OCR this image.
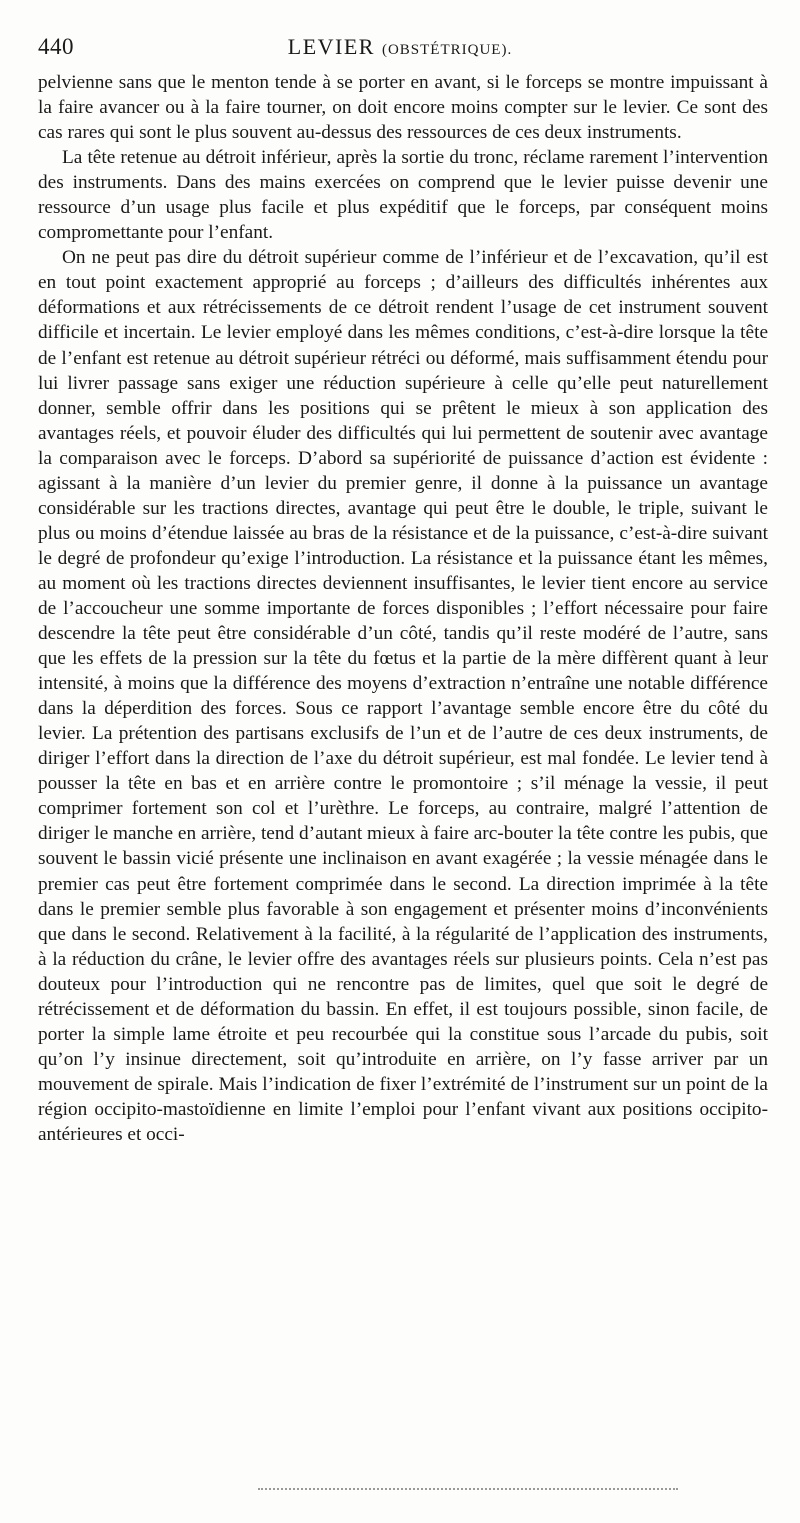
440	LEVIER (OBSTÉTRIQUE).

pelvienne sans que le menton tende à se porter en avant, si le forceps se montre impuissant à la faire avancer ou à la faire tourner, on doit encore moins compter sur le levier. Ce sont des cas rares qui sont le plus souvent au-dessus des ressources de ces deux instruments.

La tête retenue au détroit inférieur, après la sortie du tronc, réclame rarement l’intervention des instruments. Dans des mains exercées on comprend que le levier puisse devenir une ressource d’un usage plus facile et plus expéditif que le forceps, par conséquent moins compromettante pour l’enfant.

On ne peut pas dire du détroit supérieur comme de l’inférieur et de l’excavation, qu’il est en tout point exactement approprié au forceps ; d’ailleurs des difficultés inhérentes aux déformations et aux rétrécissements de ce détroit rendent l’usage de cet instrument souvent difficile et incertain. Le levier employé dans les mêmes conditions, c’est-à-dire lorsque la tête de l’enfant est retenue au détroit supérieur rétréci ou déformé, mais suffisamment étendu pour lui livrer passage sans exiger une réduction supérieure à celle qu’elle peut naturellement donner, semble offrir dans les positions qui se prêtent le mieux à son application des avantages réels, et pouvoir éluder des difficultés qui lui permettent de soutenir avec avantage la comparaison avec le forceps. D’abord sa supériorité de puissance d’action est évidente : agissant à la manière d’un levier du premier genre, il donne à la puissance un avantage considérable sur les tractions directes, avantage qui peut être le double, le triple, suivant le plus ou moins d’étendue laissée au bras de la résistance et de la puissance, c’est-à-dire suivant le degré de profondeur qu’exige l’introduction. La résistance et la puissance étant les mêmes, au moment où les tractions directes deviennent insuffisantes, le levier tient encore au service de l’accoucheur une somme importante de forces disponibles ; l’effort nécessaire pour faire descendre la tête peut être considérable d’un côté, tandis qu’il reste modéré de l’autre, sans que les effets de la pression sur la tête du fœtus et la partie de la mère diffèrent quant à leur intensité, à moins que la différence des moyens d’extraction n’entraîne une notable différence dans la déperdition des forces. Sous ce rapport l’avantage semble encore être du côté du levier. La prétention des partisans exclusifs de l’un et de l’autre de ces deux instruments, de diriger l’effort dans la direction de l’axe du détroit supérieur, est mal fondée. Le levier tend à pousser la tête en bas et en arrière contre le promontoire ; s’il ménage la vessie, il peut comprimer fortement son col et l’urèthre. Le forceps, au contraire, malgré l’attention de diriger le manche en arrière, tend d’autant mieux à faire arc-bouter la tête contre les pubis, que souvent le bassin vicié présente une inclinaison en avant exagérée ; la vessie ménagée dans le premier cas peut être fortement comprimée dans le second. La direction imprimée à la tête dans le premier semble plus favorable à son engagement et présenter moins d’inconvénients que dans le second. Relativement à la facilité, à la régularité de l’application des instruments, à la réduction du crâne, le levier offre des avantages réels sur plusieurs points. Cela n’est pas douteux pour l’introduction qui ne rencontre pas de limites, quel que soit le degré de rétrécissement et de déformation du bassin. En effet, il est toujours possible, sinon facile, de porter la simple lame étroite et peu recourbée qui la constitue sous l’arcade du pubis, soit qu’on l’y insinue directement, soit qu’introduite en arrière, on l’y fasse arriver par un mouvement de spirale. Mais l’indication de fixer l’extrémité de l’instrument sur un point de la région occipito-mastoïdienne en limite l’emploi pour l’enfant vivant aux positions occipito-antérieures et occi-
